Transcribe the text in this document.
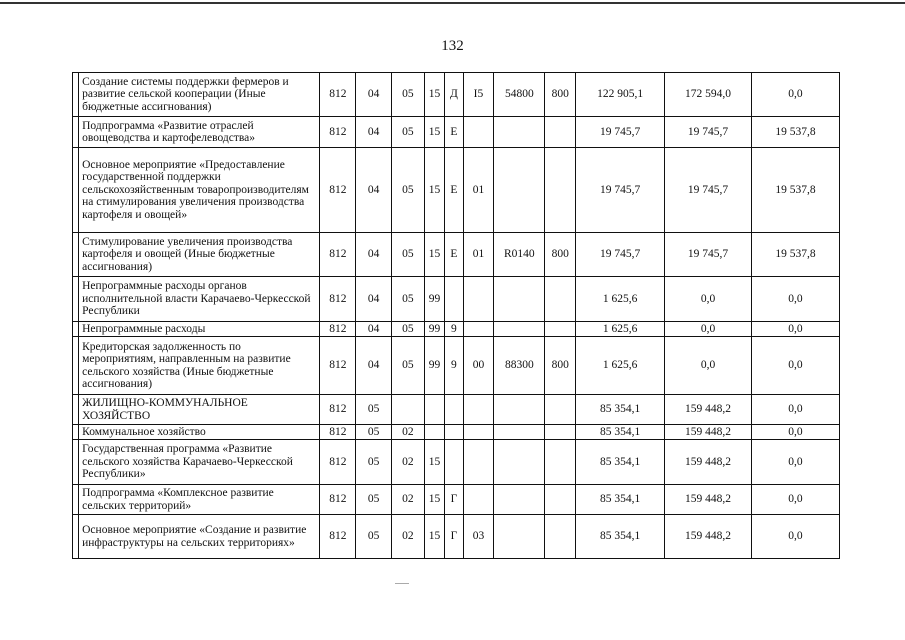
132
	Создание системы поддержки фермеров и развитие сельской кооперации (Иные бюджетные ассигнования)	812	04	05	15	Д	I5	54800	800	122 905,1	172 594,0	0,0
	Подпрограмма «Развитие отраслей овощеводства и картофелеводства»	812	04	05	15	Е				19 745,7	19 745,7	19 537,8
	Основное мероприятие «Предоставление государственной поддержки сельскохозяйственным товаропроизводителям на стимулирования увеличения производства картофеля и овощей»	812	04	05	15	Е	01			19 745,7	19 745,7	19 537,8
	Стимулирование увеличения производства картофеля и овощей (Иные бюджетные ассигнования)	812	04	05	15	Е	01	R0140	800	19 745,7	19 745,7	19 537,8
	Непрограммные расходы органов исполнительной власти Карачаево-Черкесской Республики	812	04	05	99					1 625,6	0,0	0,0
	Непрограммные расходы	812	04	05	99	9				1 625,6	0,0	0,0
	Кредиторская задолженность по мероприятиям, направленным на развитие сельского хозяйства (Иные бюджетные ассигнования)	812	04	05	99	9	00	88300	800	1 625,6	0,0	0,0
	ЖИЛИЩНО-КОММУНАЛЬНОЕ ХОЗЯЙСТВО	812	05							85 354,1	159 448,2	0,0
	Коммунальное хозяйство	812	05	02						85 354,1	159 448,2	0,0
	Государственная программа «Развитие сельского хозяйства Карачаево-Черкесской Республики»	812	05	02	15					85 354,1	159 448,2	0,0
	Подпрограмма «Комплексное развитие сельских территорий»	812	05	02	15	Г				85 354,1	159 448,2	0,0
	Основное мероприятие «Создание и развитие инфраструктуры на сельских территориях»	812	05	02	15	Г	03			85 354,1	159 448,2	0,0
